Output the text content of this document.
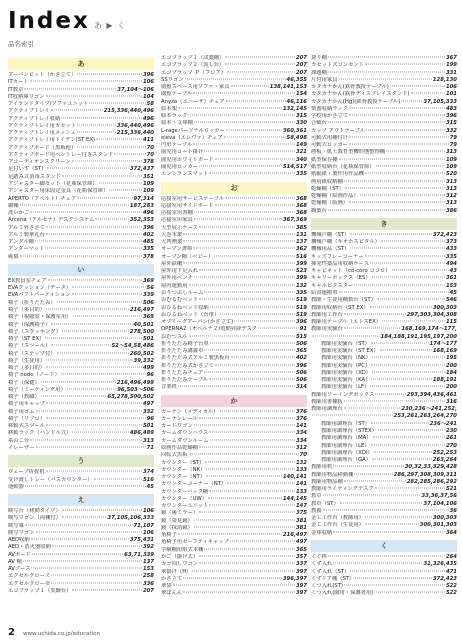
Index あ ▶ く
品名索引
あ
アーバンピット（かさ立て）	396
ITカート	106
IT教卓	37,104〜106
IT収納庫ワゴン	104
アイランドタイプ/ソファユニット	58
アクティブトレイ	215,336,440,496
アクティブトレイ収納	496
アクティブトレイ用カセット	336,440,496
アクティブトレイ用メッシュ	215,336,440
アクティブトレイ用トイデン(ST EX)	411
アクティブボード（黒板他）	70
アクティブボード用ペントレー付きスタンド	70
アコーディオンスクリーン	378
足付いす（ST）	372,437
足踏み式消毒スタンド	351
アジャスター脚セット（花瓶保管庫）	109
アジャスター用床固定金具（花瓶保管庫）	109
APERTO（アペルト）チェア	97,314
網棚	187,283
洗いかご	496
Arcena（アルセナ）デスクシステム	352,353
アルミ外ささて	396
アルミ製傘礼台	402
アングル棚	485
アンダーマット	335
庵幕	378
い
EX教員室チェア	369
EVAクッション（データ）	56
EVAパフトパーティション	339
椅子（折りたたみ）	506
椅子（多目的）	216,497
椅子（視聴覚・保護室用）	369
椅子（保護椅子）	40,501
椅子（スタッキング）	278,500
椅子（ST EX）	501
椅子（スツール）	52〜54,58,486
椅子（ステップ付）	260,502
椅子（生徒用）	39,332
椅子（多目的）	499
椅子 node（ノード）	96
椅子（保健）	216,496,499
椅子（ミーティング用）	96,503〜506
椅子（教職）	65,278,500,502
椅子用キャップ	497
椅子用ゴム	332
椅子（リブロ）	96
移動式スツール	501
移動ラック（ハンドル式）	486,489
糸のこ台	313
イレーザー	71
う
ウェーブ折畳机	374
受け渡しトレー（パスカウンター）	516
運動器	45
え
映写台（移動タイプ）	106
映写ワゴン（両棚付）	37,105,106,333
映写幕	71,107
映写ワゴン	106
AED収納	375,431
AED・消火器収納	392
AVボード	63,71,339
AV 棚	137
AVブース	153
エクセルクローズ	258
エクセルクローゼ	336
エコプラップ１（実験台）	207
エコプラップ１（試薬棚）	207
エコプラップ２（流し台）	207
エコプラップ Ｐ（フロア）	207
SSワゴン	46,355
閲覧スペース用ソファ・家具	138,141,153
閲覧テーブル	154
Anyza（エニーザ）チェア	46,116
絵本架	132,145
絵本ラック	315
絵本・文庫棚	330
L-rageパーソナルロッカー	360,361
eleva（エレヴァ）チェア	58,498
円形テーブル	149
園児用コート掛け	321
園児用ホワイトボード	340
園児用ロッカー	514,517
エントランスマット	335
お
応接室用サービステーブル	368
応接室用サイドボード	368
応接室用書棚	368
応接室用家具	367,369
大型展示ケース	385
大巻本架	131
大判画架	137
オープン書庫	362
オープン棚（ベビー）	516
屋外鉄柵	399
屋外用下足入れ	523
屋外用ベンチ	399
屋内運動用	132
おりつぶしルーム	335
おむるむベッド	519
おひるねベッド収納	519
おひるねベッド（台車）	519
オプリーグアーバン(かさ立て)	396
OPERNA2（オペルナ２)電動昇降デスク	91
おむつスル	515
折りたたみ椅子台車	506
折りたたみ講義卓	365
折りたたみ式アルミ製黒板台	402
折りたたみ式かさ立て	396
折りたたみチェア	506
折りたたみテーブル	506
音楽机	314
か
カーテン（メディカル）	376
カーテンレール	376
カードワゴン	141
カームダウンハウス	334
カームダウンルーム	334
絵画作品乾燥棚	312
回転式黒板	70
カウンター（ST）	132
カウンター（NK）	133
カウンター（NT）	140,141
カウンターコーナー（NT）	141
カウンターバック棚	133
カウンター（UW）	144,145
カウンターユニット	147
鏡（歯ミラー）	375
鏡（姿見鏡）	381
鏡（抹消鏡）	381
角椅子	216,497
角椅子用セーフティキャップ	497
学級棚用組式本棚	365
かご（掛け式）	357
カゴ回しワゴン	337
傘掛け（H）	397
かさ立て	396,397
傘袋	397
傘ぼんん	397
貸り棚	367
カセット式コンセント	199
課題棚	331
片付用家具	128,130
カタカナかん(鉄骨教授テーブル)	106
カタカナかん(鉄骨ディスプレイスタンド)	101
カタカナかん(Hg)(鉄骨教授テーブル)	37,105,333
楽器収納ラック	483
学校用かさ立て	396
合歓台	315
カップ アウトテーブル	332
可動式用棚付け	79
可動式ロッカー	79
画板・紙土教育型機形態整理棚	313
紙型保存棚	109
紙型収納台（花瓶保管庫）	109
紙幅紙・製作用作品機	520
画用紙収納棚	313
乾燥棚（ST）	313
乾燥棚（絵画作品）	312
乾燥棚（版画）	313
観葉台	386
き
機械戸棚（ST）	372,423
機械戸棚（キオホスピタル）	373
機械用品（ST）	433
キッズフレーコーナー	335
揮発性薬品用収納ケース	494
キャビネット（co-coro ココロ）	43
キャリーボックス（ES）	361
キャルビクスター	153
給食運搬車	45
教師・生徒用棚数台（ST）	546
教師用収納台（ST EX）	300,303
教師用工作台	297,303,304,308
教師用テーブル（エトスEX）	115
教師用実験台	168,169,174〜177,
184,188,191,195,197,200
教師用実験台（ST）	174〜177
教師用実験台（ST EX）	168,169
教師用実験台（NK）	195
教師用実験台（PC）	200
教師用実験台（XD）	184
教師用実験台（KA）	188,191
教師用実験台（LF）	200
教師用ソーイングボックス	293,394,436,461
教師用書棚板	316
教師用調理台	230,236〜241,252,
253,261,263,264,270
教師用調理台（ST）	236〜241
教師用調理台（STEX）	230
教師用調理台（MA）	261
教師用調理台（LE）	270
教師用調理台（XDI）	252,253
教師用調理台（GA）	263,264
教師用机	30,32,33,329,428
教師用物品移動棚	286,297,308,309,311
教師用物品棚	282,285,286,292
教師用ライティングデスク	521
教卓	33,36,37,56
教卓（ST）	37,104,106
教養	36
金工工作台（教師用）	300,303
金工工作台（生徒用）	300,301,303
金庫収納	364
く
くぐ棒	264
くず入れ	31,326,435
くず入れ（ST）	471
くずリア棚（ST）	372,423
くつ入れ(ST)	522
くつ入れ(園用・保護者用)	522
2 www.uchida.co.jp/education
